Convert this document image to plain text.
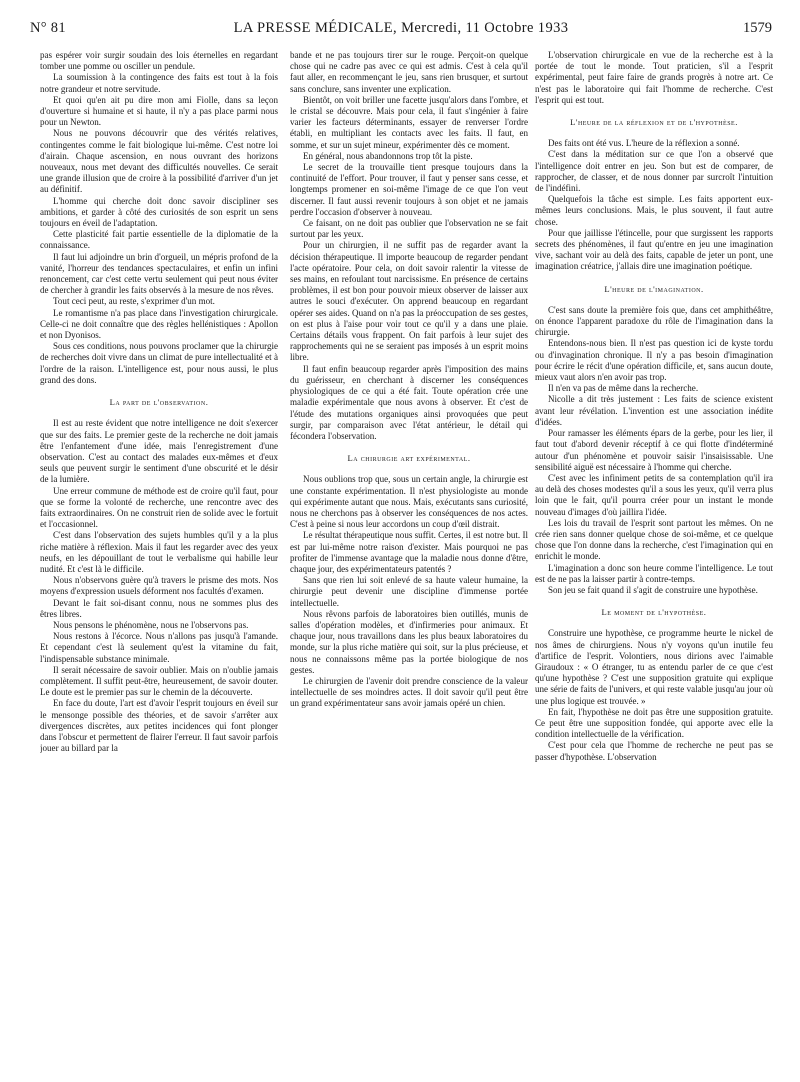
N° 81	LA PRESSE MÉDICALE, Mercredi, 11 Octobre 1933	1579

pas espérer voir surgir soudain des lois éternelles en regardant tomber une pomme ou osciller un pendule.

La soumission à la contingence des faits est tout à la fois notre grandeur et notre servitude.

Et quoi qu'en ait pu dire mon ami Fiolle, dans sa leçon d'ouverture si humaine et si haute, il n'y a pas place parmi nous pour un Newton.

Nous ne pouvons découvrir que des vérités relatives, contingentes comme le fait biologique lui-même. C'est notre loi d'airain. Chaque ascension, en nous ouvrant des horizons nouveaux, nous met devant des difficultés nouvelles. Ce serait une grande illusion que de croire à la possibilité d'arriver d'un jet au définitif.

L'homme qui cherche doit donc savoir discipliner ses ambitions, et garder à côté des curiosités de son esprit un sens toujours en éveil de l'adaptation.

Cette plasticité fait partie essentielle de la diplomatie de la connaissance.

Il faut lui adjoindre un brin d'orgueil, un mépris profond de la vanité, l'horreur des tendances spectaculaires, et enfin un infini renoncement, car c'est cette vertu seulement qui peut nous éviter de chercher à grandir les faits observés à la mesure de nos rêves.

Tout ceci peut, au reste, s'exprimer d'un mot.

Le romantisme n'a pas place dans l'investigation chirurgicale. Celle-ci ne doit connaître que des règles hellénistiques : Apollon et non Dyonisos.

Sous ces conditions, nous pouvons proclamer que la chirurgie de recherches doit vivre dans un climat de pure intellectualité et à l'ordre de la raison. L'intelligence est, pour nous aussi, le plus grand des dons.

La part de l'observation.

Il est au reste évident que notre intelligence ne doit s'exercer que sur des faits. Le premier geste de la recherche ne doit jamais être l'enfantement d'une idée, mais l'enregistrement d'une observation. C'est au contact des malades eux-mêmes et d'eux seuls que peuvent surgir le sentiment d'une obscurité et le désir de la lumière.

Une erreur commune de méthode est de croire qu'il faut, pour que se forme la volonté de recherche, une rencontre avec des faits extraordinaires. On ne construit rien de solide avec le fortuit et l'occasionnel.

C'est dans l'observation des sujets humbles qu'il y a la plus riche matière à réflexion. Mais il faut les regarder avec des yeux neufs, en les dépouillant de tout le verbalisme qui habille leur nudité. Et c'est là le difficile.

Nous n'observons guère qu'à travers le prisme des mots. Nos moyens d'expression usuels déforment nos facultés d'examen.

Devant le fait soi-disant connu, nous ne sommes plus des êtres libres.

Nous pensons le phénomène, nous ne l'observons pas.

Nous restons à l'écorce. Nous n'allons pas jusqu'à l'amande. Et cependant c'est là seulement qu'est la vitamine du fait, l'indispensable substance minimale.

Il serait nécessaire de savoir oublier. Mais on n'oublie jamais complètement. Il suffit peut-être, heureusement, de savoir douter. Le doute est le premier pas sur le chemin de la découverte.

En face du doute, l'art est d'avoir l'esprit toujours en éveil sur le mensonge possible des théories, et de savoir s'arrêter aux divergences discrètes, aux petites incidences qui font plonger dans l'obscur et permettent de flairer l'erreur. Il faut savoir parfois jouer au billard par la

bande et ne pas toujours tirer sur le rouge. Perçoit-on quelque chose qui ne cadre pas avec ce qui est admis. C'est à cela qu'il faut aller, en recommençant le jeu, sans rien brusquer, et surtout sans conclure, sans inventer une explication.

Bientôt, on voit briller une facette jusqu'alors dans l'ombre, et le cristal se découvre. Mais pour cela, il faut s'ingénier à faire varier les facteurs déterminants, essayer de renverser l'ordre établi, en multipliant les contacts avec les faits. Il faut, en somme, et sur un sujet mineur, expérimenter dès ce moment.

En général, nous abandonnons trop tôt la piste.

Le secret de la trouvaille tient presque toujours dans la continuité de l'effort. Pour trouver, il faut y penser sans cesse, et longtemps promener en soi-même l'image de ce que l'on veut discerner. Il faut aussi revenir toujours à son objet et ne jamais perdre l'occasion d'observer à nouveau.

Ce faisant, on ne doit pas oublier que l'observation ne se fait surtout par les yeux.

Pour un chirurgien, il ne suffit pas de regarder avant la décision thérapeutique. Il importe beaucoup de regarder pendant l'acte opératoire. Pour cela, on doit savoir ralentir la vitesse de ses mains, en refoulant tout narcissisme. En présence de certains problèmes, il est bon pour pouvoir mieux observer de laisser aux autres le souci d'exécuter. On apprend beaucoup en regardant opérer ses aides. Quand on n'a pas la préoccupation de ses gestes, on est plus à l'aise pour voir tout ce qu'il y a dans une plaie. Certains détails vous frappent. On fait parfois à leur sujet des rapprochements qui ne se seraient pas imposés à un esprit moins libre.

Il faut enfin beaucoup regarder après l'imposition des mains du guérisseur, en cherchant à discerner les conséquences physiologiques de ce qui a été fait. Toute opération crée une maladie expérimentale que nous avons à observer. Et c'est de l'étude des mutations organiques ainsi provoquées que peut surgir, par comparaison avec l'état antérieur, le détail qui fécondera l'observation.

La chirurgie art expérimental.

Nous oublions trop que, sous un certain angle, la chirurgie est une constante expérimentation. Il n'est physiologiste au monde qui expérimente autant que nous. Mais, exécutants sans curiosité, nous ne cherchons pas à observer les conséquences de nos actes. C'est à peine si nous leur accordons un coup d'œil distrait.

Le résultat thérapeutique nous suffit. Certes, il est notre but. Il est par lui-même notre raison d'exister. Mais pourquoi ne pas profiter de l'immense avantage que la maladie nous donne d'être, chaque jour, des expérimentateurs patentés ?

Sans que rien lui soit enlevé de sa haute valeur humaine, la chirurgie peut devenir une discipline d'immense portée intellectuelle.

Nous rêvons parfois de laboratoires bien outillés, munis de salles d'opération modèles, et d'infirmeries pour animaux. Et chaque jour, nous travaillons dans les plus beaux laboratoires du monde, sur la plus riche matière qui soit, sur la plus précieuse, et nous ne connaissons même pas la portée biologique de nos gestes.

Le chirurgien de l'avenir doit prendre conscience de la valeur intellectuelle de ses moindres actes. Il doit savoir qu'il peut être un grand expérimentateur sans avoir jamais opéré un chien.

L'observation chirurgicale en vue de la recherche est à la portée de tout le monde. Tout praticien, s'il a l'esprit expérimental, peut faire faire de grands progrès à notre art. Ce n'est pas le laboratoire qui fait l'homme de recherche. C'est l'esprit qui est tout.

L'heure de la réflexion et de l'hypothèse.

Des faits ont été vus. L'heure de la réflexion a sonné.

C'est dans la méditation sur ce que l'on a observé que l'intelligence doit entrer en jeu. Son but est de comparer, de rapprocher, de classer, et de nous donner par surcroît l'intuition de l'indéfini.

Quelquefois la tâche est simple. Les faits apportent eux-mêmes leurs conclusions. Mais, le plus souvent, il faut autre chose.

Pour que jaillisse l'étincelle, pour que surgissent les rapports secrets des phénomènes, il faut qu'entre en jeu une imagination vive, sachant voir au delà des faits, capable de jeter un pont, une imagination créatrice, j'allais dire une imagination poétique.

L'heure de l'imagination.

C'est sans doute la première fois que, dans cet amphithéâtre, on énonce l'apparent paradoxe du rôle de l'imagination dans la chirurgie.

Entendons-nous bien. Il n'est pas question ici de kyste tordu ou d'invagination chronique. Il n'y a pas besoin d'imagination pour écrire le récit d'une opération difficile, et, sans aucun doute, mieux vaut alors n'en avoir pas trop.

Il n'en va pas de même dans la recherche.

Nicolle a dit très justement : Les faits de science existent avant leur révélation. L'invention est une association inédite d'idées.

Pour ramasser les éléments épars de la gerbe, pour les lier, il faut tout d'abord devenir réceptif à ce qui flotte d'indéterminé autour d'un phénomène et pouvoir saisir l'insaisissable. Une sensibilité aiguë est nécessaire à l'homme qui cherche.

C'est avec les infiniment petits de sa contemplation qu'il ira au delà des choses modestes qu'il a sous les yeux, qu'il verra plus loin que le fait, qu'il pourra créer pour un instant le monde nouveau d'images d'où jaillira l'idée.

Les lois du travail de l'esprit sont partout les mêmes. On ne crée rien sans donner quelque chose de soi-même, et ce quelque chose que l'on donne dans la recherche, c'est l'imagination qui en enrichit le monde.

L'imagination a donc son heure comme l'intelligence. Le tout est de ne pas la laisser partir à contre-temps.

Son jeu se fait quand il s'agit de construire une hypothèse.

Le moment de l'hypothèse.

Construire une hypothèse, ce programme heurte le nickel de nos âmes de chirurgiens. Nous n'y voyons qu'un inutile feu d'artifice de l'esprit. Volontiers, nous dirions avec l'aimable Giraudoux : « O étranger, tu as entendu parler de ce que c'est qu'une hypothèse ? C'est une supposition gratuite qui explique une série de faits de l'univers, et qui reste valable jusqu'au jour où une plus logique est trouvée. »

En fait, l'hypothèse ne doit pas être une supposition gratuite. Ce peut être une supposition fondée, qui apporte avec elle la condition intellectuelle de la vérification.

C'est pour cela que l'homme de recherche ne peut pas se passer d'hypothèse. L'observation
